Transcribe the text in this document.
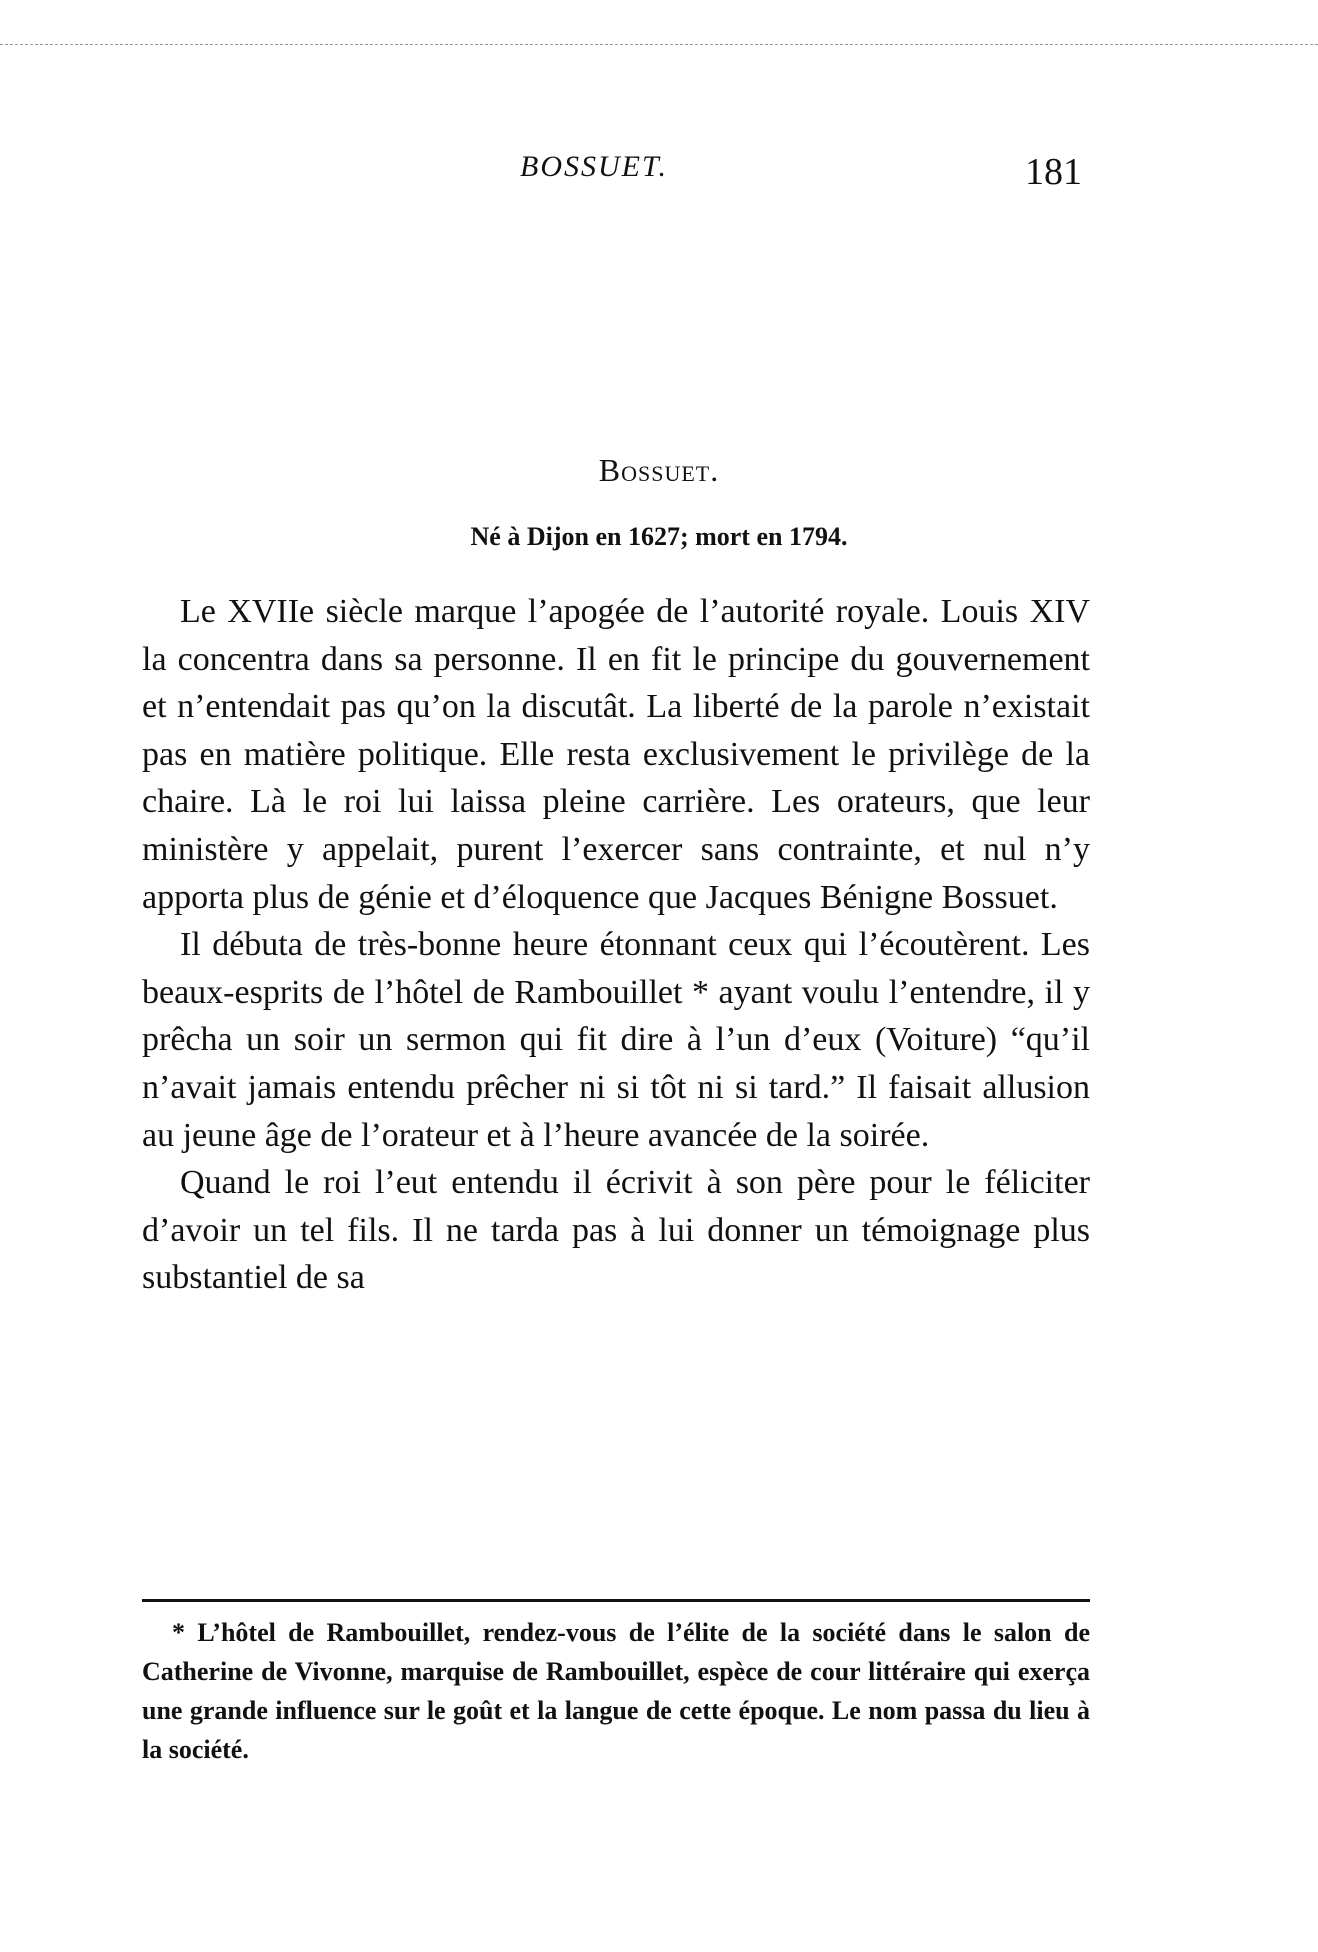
BOSSUET.	181
Bossuet.
Né à Dijon en 1627; mort en 1794.

Le XVIIe siècle marque l’apogée de l’autorité royale. Louis XIV la concentra dans sa personne. Il en fit le principe du gouvernement et n’entendait pas qu’on la discutât. La liberté de la parole n’existait pas en matière politique. Elle resta exclusivement le privilège de la chaire. Là le roi lui laissa pleine carrière. Les orateurs, que leur ministère y appelait, purent l’exercer sans contrainte, et nul n’y apporta plus de génie et d’éloquence que Jacques Bénigne Bossuet.

Il débuta de très-bonne heure étonnant ceux qui l’écoutèrent. Les beaux-esprits de l’hôtel de Rambouillet * ayant voulu l’entendre, il y prêcha un soir un sermon qui fit dire à l’un d’eux (Voiture) “qu’il n’avait jamais entendu prêcher ni si tôt ni si tard.” Il faisait allusion au jeune âge de l’orateur et à l’heure avancée de la soirée.

Quand le roi l’eut entendu il écrivit à son père pour le féliciter d’avoir un tel fils. Il ne tarda pas à lui donner un témoignage plus substantiel de sa

* L’hôtel de Rambouillet, rendez-vous de l’élite de la société dans le salon de Catherine de Vivonne, marquise de Rambouillet, espèce de cour littéraire qui exerça une grande influence sur le goût et la langue de cette époque. Le nom passa du lieu à la société.
